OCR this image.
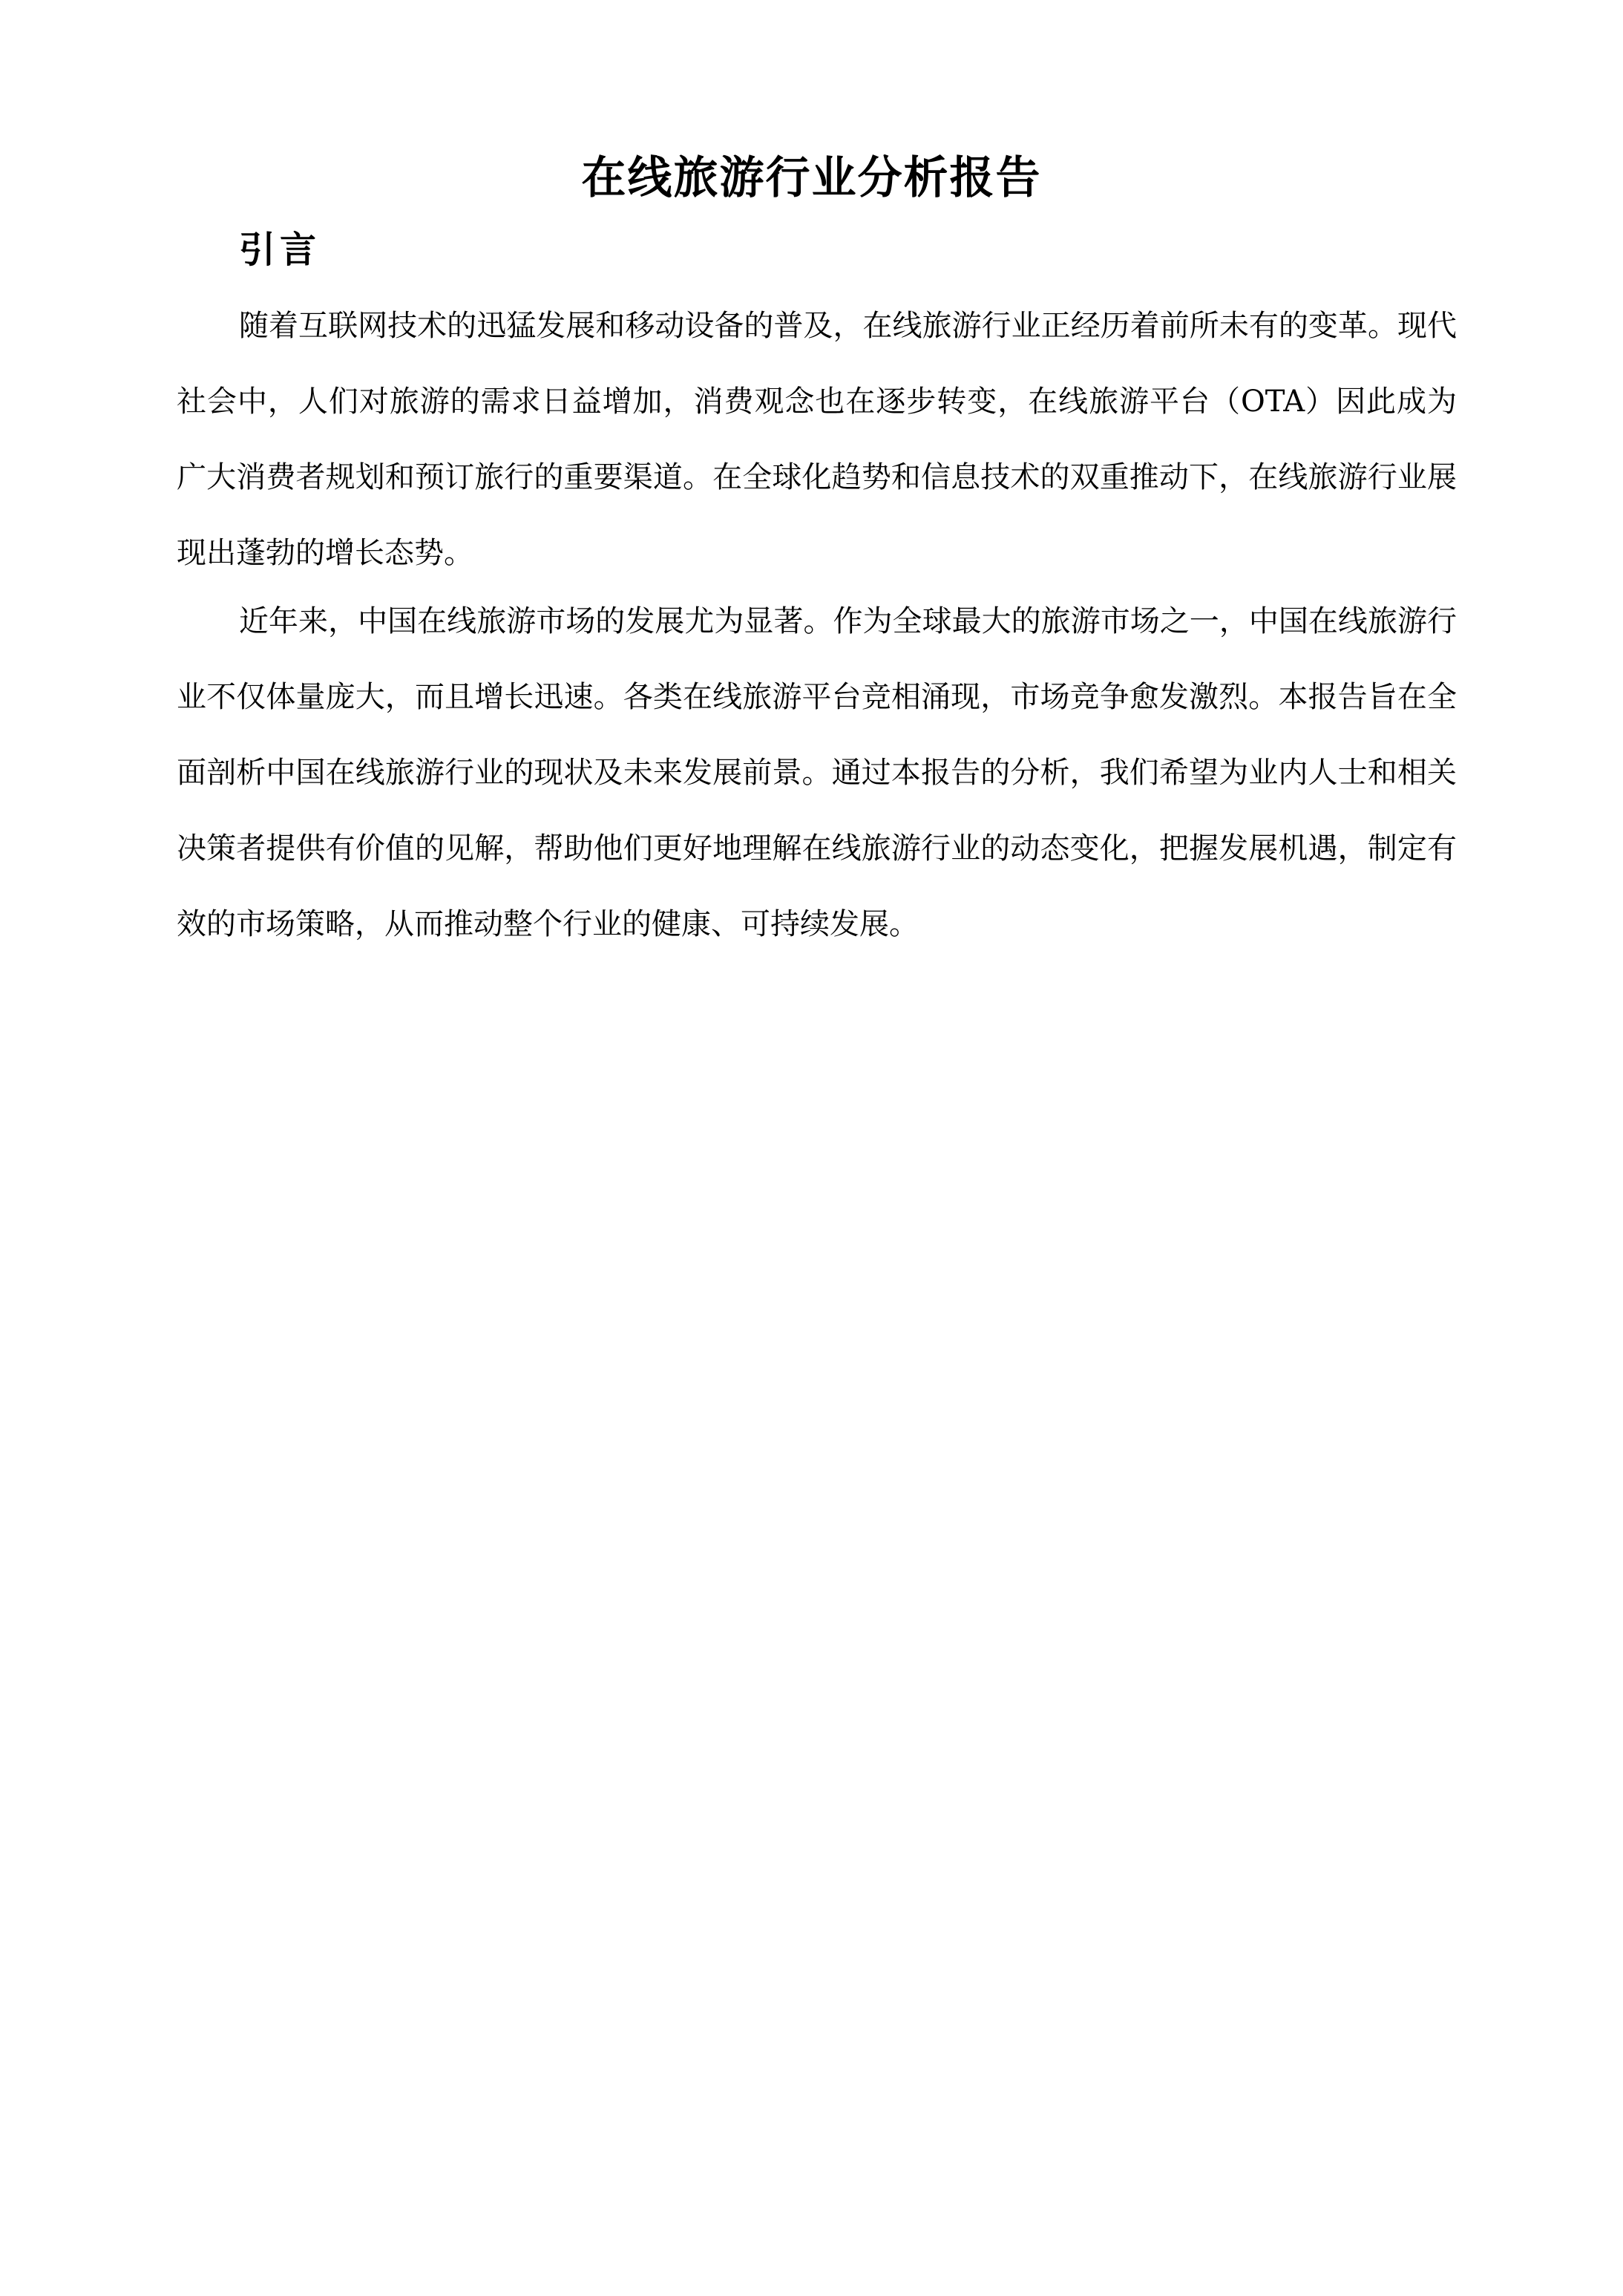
在线旅游行业分析报告
引言

随着互联网技术的迅猛发展和移动设备的普及，在线旅游行业正经历着前所未有的变革。现代社会中，人们对旅游的需求日益增加，消费观念也在逐步转变，在线旅游平台（OTA）因此成为广大消费者规划和预订旅行的重要渠道。在全球化趋势和信息技术的双重推动下，在线旅游行业展现出蓬勃的增长态势。

近年来，中国在线旅游市场的发展尤为显著。作为全球最大的旅游市场之一，中国在线旅游行业不仅体量庞大，而且增长迅速。各类在线旅游平台竞相涌现，市场竞争愈发激烈。本报告旨在全面剖析中国在线旅游行业的现状及未来发展前景。通过本报告的分析，我们希望为业内人士和相关决策者提供有价值的见解，帮助他们更好地理解在线旅游行业的动态变化，把握发展机遇，制定有效的市场策略，从而推动整个行业的健康、可持续发展。
